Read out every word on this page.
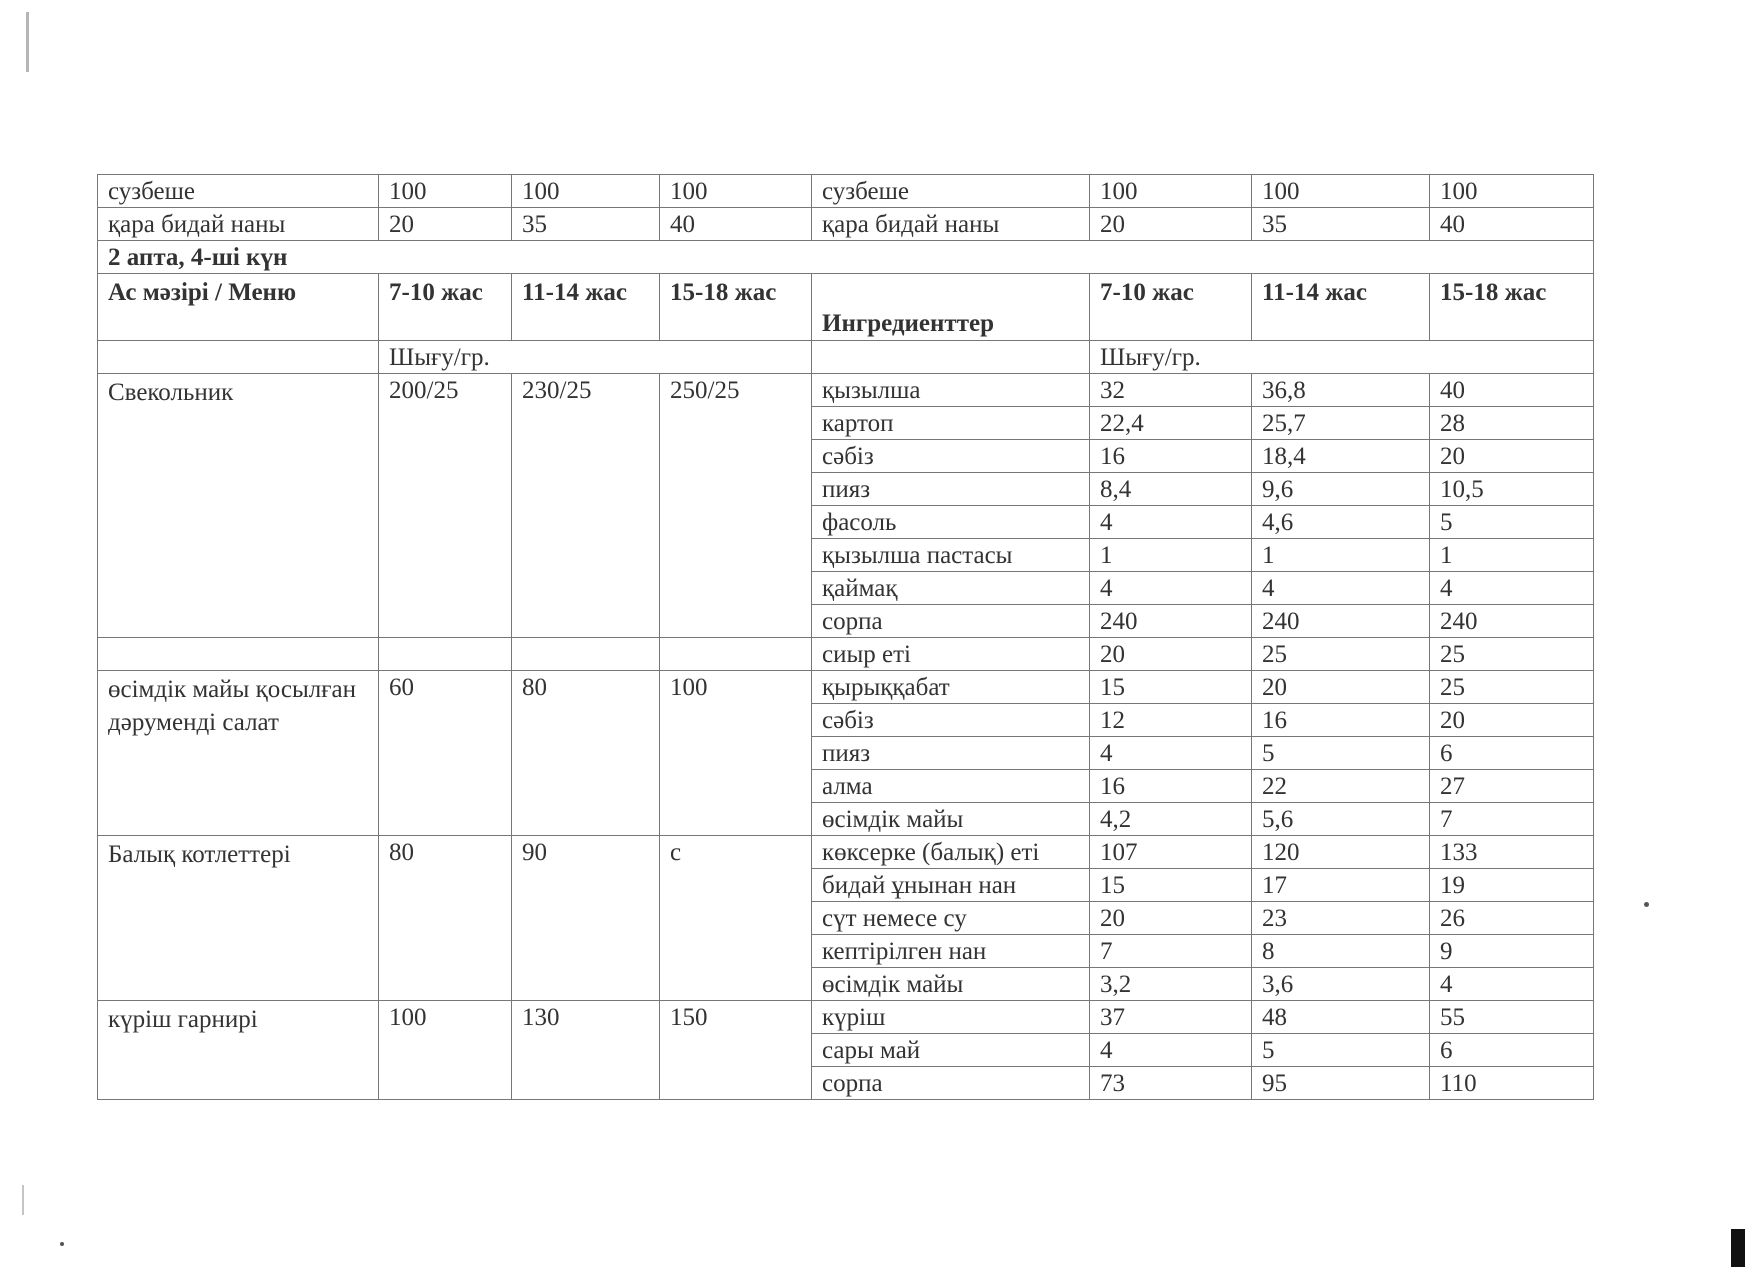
сузбеше	100	100	100	сузбеше	100	100	100
қара бидай наны	20	35	40	қара бидай наны	20	35	40
2 апта, 4-ші күн							
Ас мәзірі / Меню	7-10 жас	11-14 жас	15-18 жас	Ингредиенттер	7-10 жас	11-14 жас	15-18 жас
	Шығу/гр.				Шығу/гр.		
Свекольник	200/25	230/25	250/25	қызылша	32	36,8	40
				картоп	22,4	25,7	28
				сәбіз	16	18,4	20
				пияз	8,4	9,6	10,5
				фасоль	4	4,6	5
				қызылша пастасы	1	1	1
				қаймақ	4	4	4
				сорпа	240	240	240
				сиыр еті	20	25	25
өсімдік майы қосылған дәруменді салат	60	80	100	қырыққабат	15	20	25
				сәбіз	12	16	20
				пияз	4	5	6
				алма	16	22	27
				өсімдік майы	4,2	5,6	7
Балық котлеттері	80	90	с	көксерке (балық) еті	107	120	133
				бидай ұнынан нан	15	17	19
				сүт немесе су	20	23	26
				кептірілген нан	7	8	9
				өсімдік майы	3,2	3,6	4
күріш гарнирі	100	130	150	күріш	37	48	55
				сары май	4	5	6
				сорпа	73	95	110
